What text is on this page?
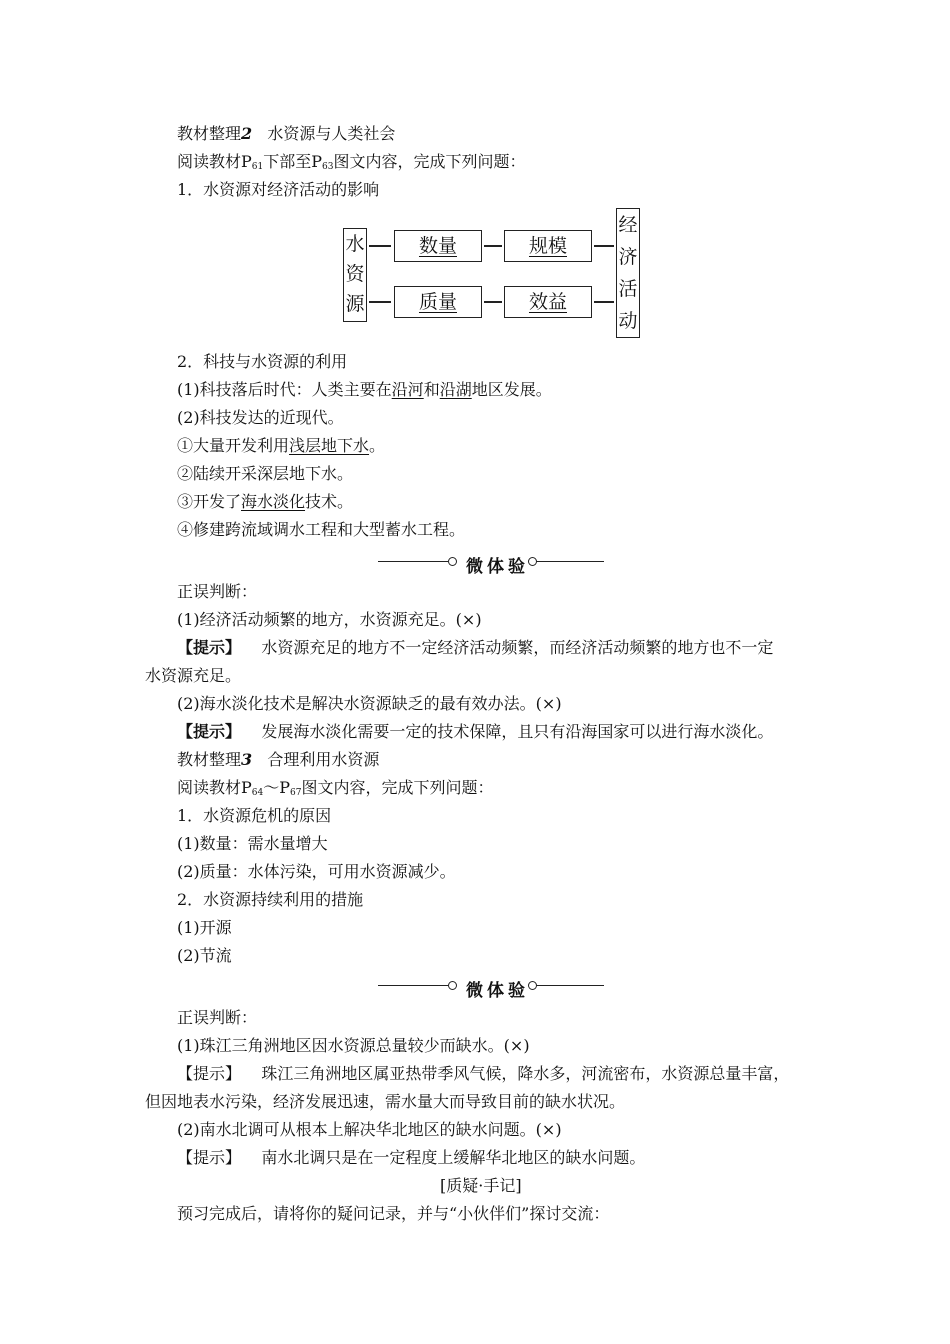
教材整理2 水资源与人类社会
阅读教材$P_{61}$下部至$P_{63}$图文内容，完成下列问题：
1．水资源对经济活动的影响
水
资
源
数量
质量
规模
效益
经
济
活
动
2．科技与水资源的利用
(1)科技落后时代：人类主要在沿河和沿湖地区发展。
(2)科技发达的近现代。
①大量开发利用浅层地下水。
②陆续开采深层地下水。
③开发了海水淡化技术。
④修建跨流域调水工程和大型蓄水工程。
微体验
正误判断：
(1)经济活动频繁的地方，水资源充足。(×)
【提示】 水资源充足的地方不一定经济活动频繁，而经济活动频繁的地方也不一定
水资源充足。
(2)海水淡化技术是解决水资源缺乏的最有效办法。(×)
【提示】 发展海水淡化需要一定的技术保障，且只有沿海国家可以进行海水淡化。
教材整理3 合理利用水资源
阅读教材$P_{64}\sim P_{67}$图文内容，完成下列问题：
1．水资源危机的原因
(1)数量：需水量增大
(2)质量：水体污染，可用水资源减少。
2．水资源持续利用的措施
(1)开源
(2)节流
微体验
正误判断：
(1)珠江三角洲地区因水资源总量较少而缺水。(×)
【提示】 珠江三角洲地区属亚热带季风气候，降水多，河流密布，水资源总量丰富，
但因地表水污染，经济发展迅速，需水量大而导致目前的缺水状况。
(2)南水北调可从根本上解决华北地区的缺水问题。(×)
【提示】 南水北调只是在一定程度上缓解华北地区的缺水问题。
[质疑·手记]
预习完成后，请将你的疑问记录，并与“小伙伴们”探讨交流：
